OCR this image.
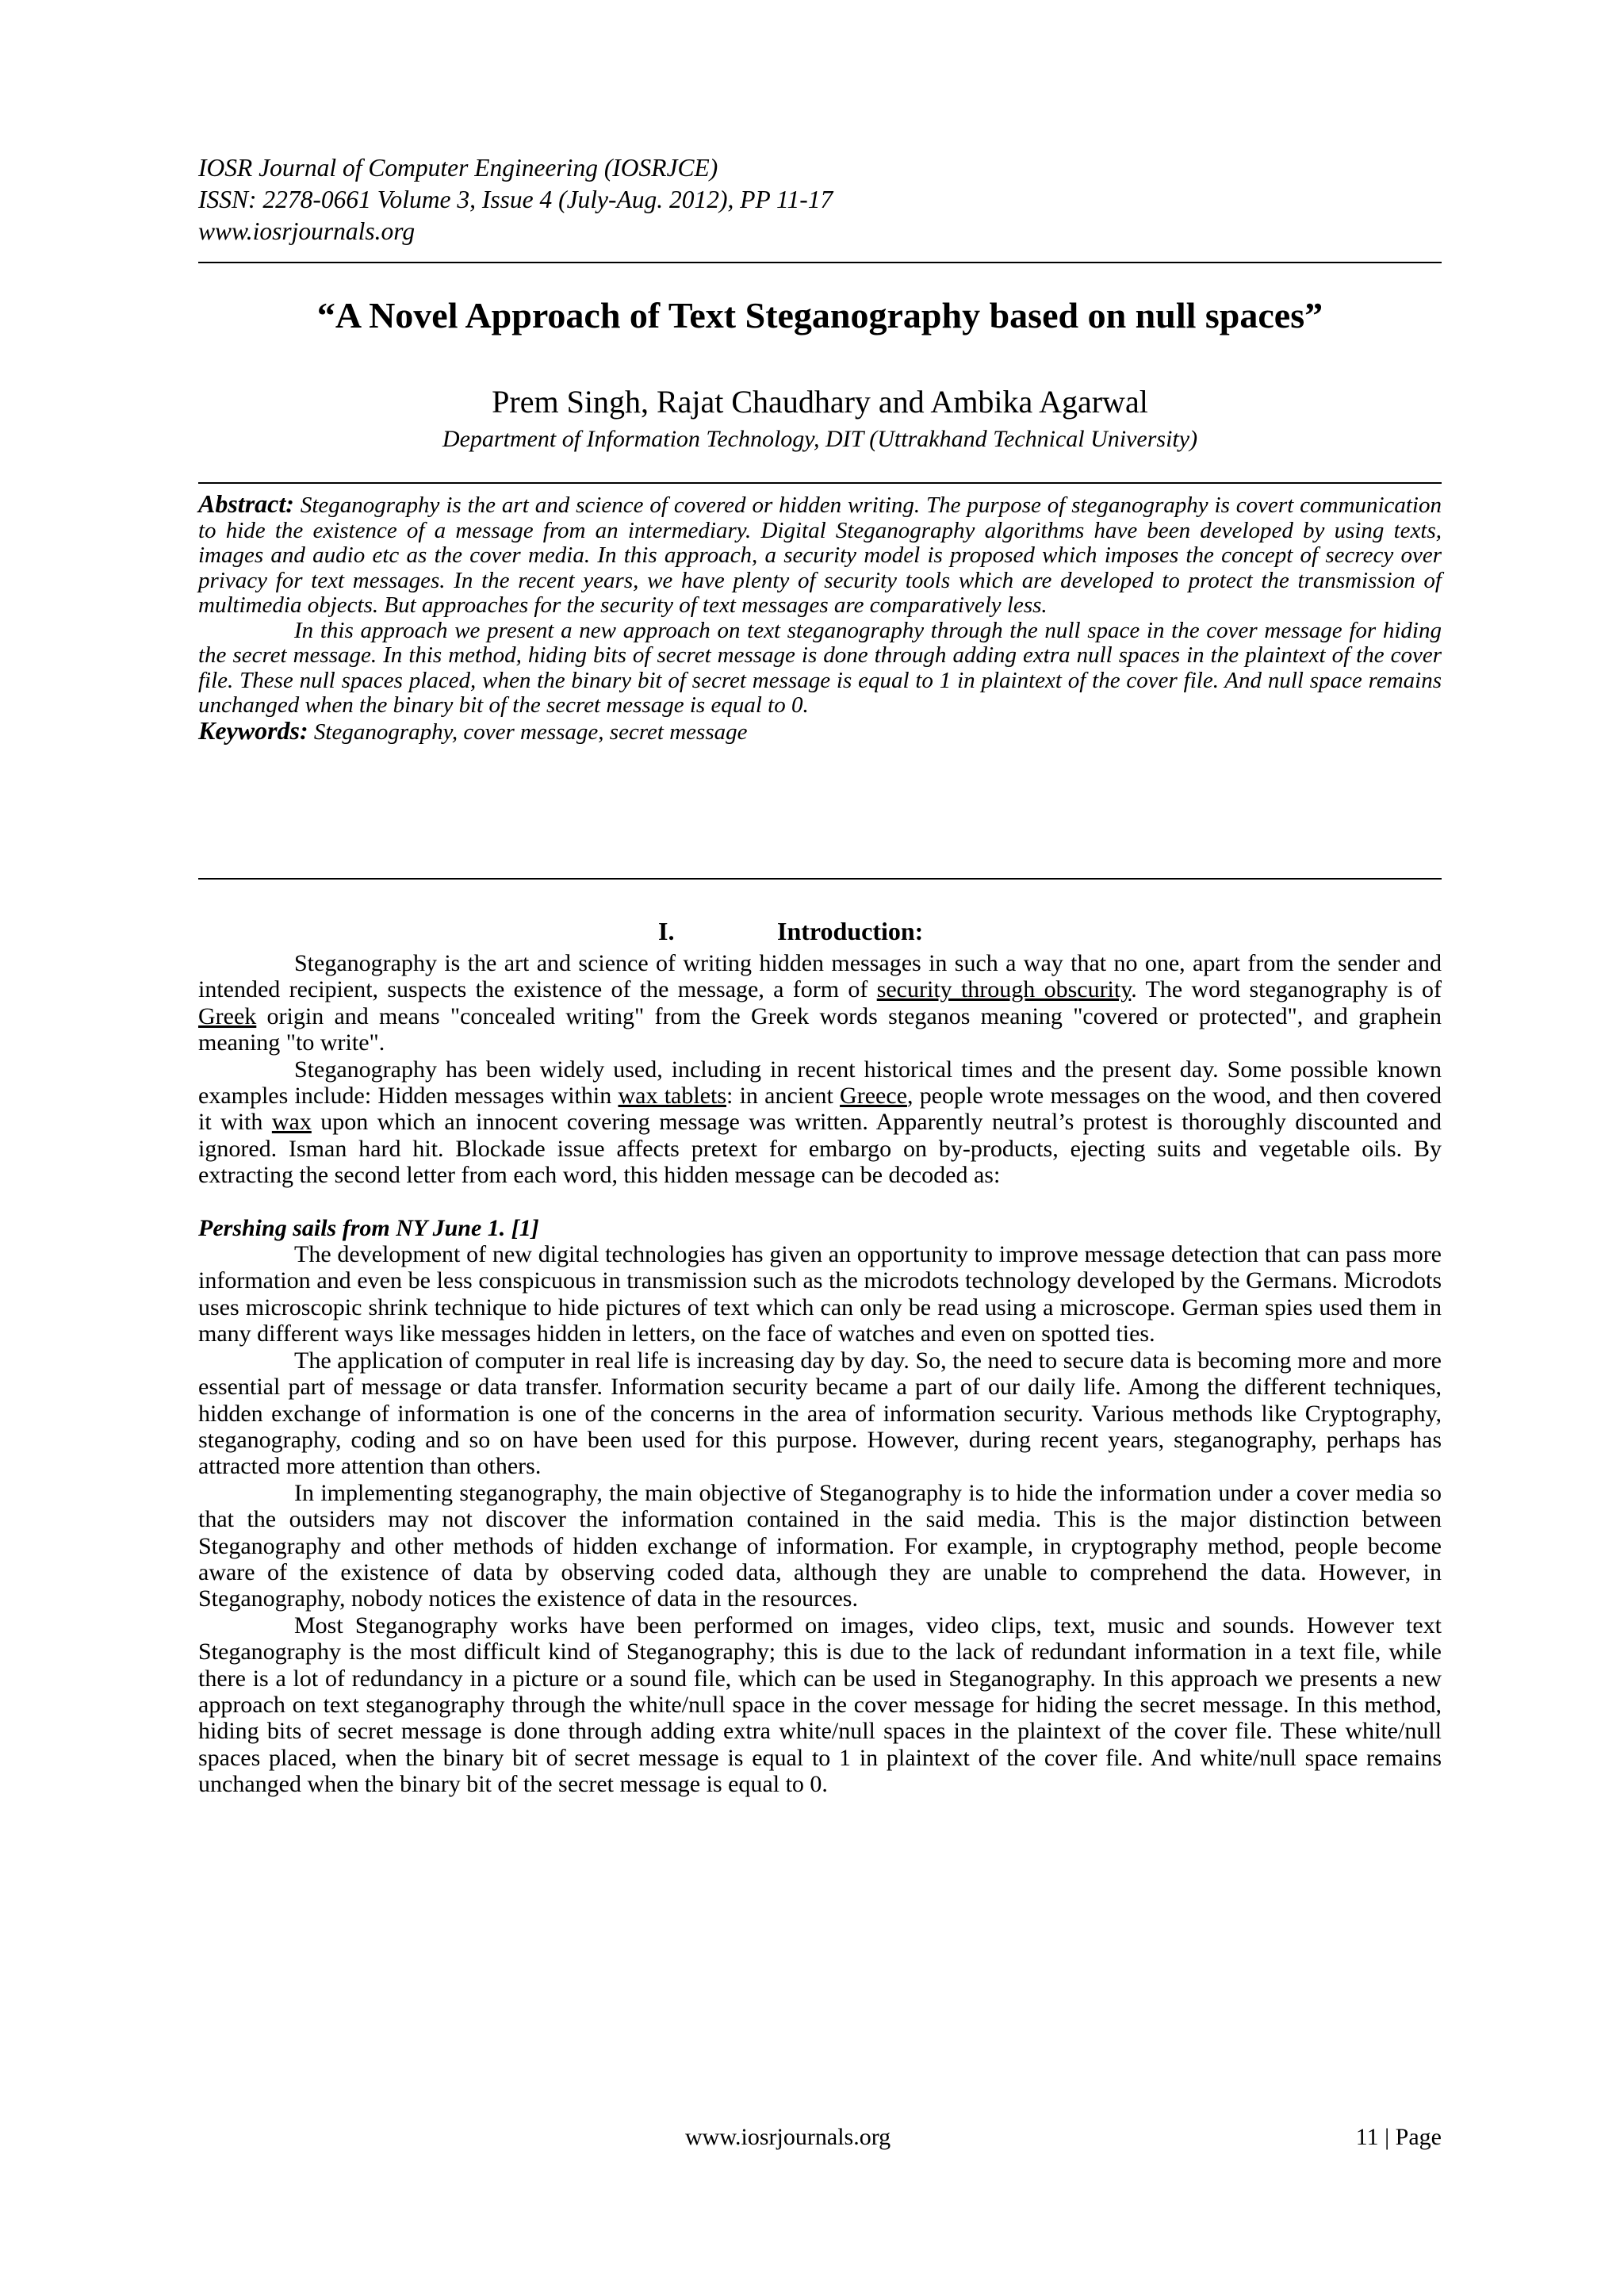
IOSR Journal of Computer Engineering (IOSRJCE)
ISSN: 2278-0661 Volume 3, Issue 4 (July-Aug. 2012), PP 11-17
www.iosrjournals.org
“A Novel Approach of Text Steganography based on null spaces”
Prem Singh, Rajat Chaudhary and Ambika Agarwal
Department of Information Technology, DIT (Uttrakhand Technical University)

Abstract: Steganography is the art and science of covered or hidden writing. The purpose of steganography is covert communication to hide the existence of a message from an intermediary. Digital Steganography algorithms have been developed by using texts, images and audio etc as the cover media. In this approach, a security model is proposed which imposes the concept of secrecy over privacy for text messages. In the recent years, we have plenty of security tools which are developed to protect the transmission of multimedia objects. But approaches for the security of text messages are comparatively less.

In this approach we present a new approach on text steganography through the null space in the cover message for hiding the secret message. In this method, hiding bits of secret message is done through adding extra null spaces in the plaintext of the cover file. These null spaces placed, when the binary bit of secret message is equal to 1 in plaintext of the cover file. And null space remains unchanged when the binary bit of the secret message is equal to 0.

Keywords: Steganography, cover message, secret message

I.	Introduction:

Steganography is the art and science of writing hidden messages in such a way that no one, apart from the sender and intended recipient, suspects the existence of the message, a form of security through obscurity. The word steganography is of Greek origin and means "concealed writing" from the Greek words steganos meaning "covered or protected", and graphein meaning "to write".

Steganography has been widely used, including in recent historical times and the present day. Some possible known examples include: Hidden messages within wax tablets: in ancient Greece, people wrote messages on the wood, and then covered it with wax upon which an innocent covering message was written. Apparently neutral’s protest is thoroughly discounted and ignored. Isman hard hit. Blockade issue affects pretext for embargo on by-products, ejecting suits and vegetable oils. By extracting the second letter from each word, this hidden message can be decoded as:

Pershing sails from NY June 1. [1]

The development of new digital technologies has given an opportunity to improve message detection that can pass more information and even be less conspicuous in transmission such as the microdots technology developed by the Germans. Microdots uses microscopic shrink technique to hide pictures of text which can only be read using a microscope. German spies used them in many different ways like messages hidden in letters, on the face of watches and even on spotted ties.

The application of computer in real life is increasing day by day. So, the need to secure data is becoming more and more essential part of message or data transfer. Information security became a part of our daily life. Among the different techniques, hidden exchange of information is one of the concerns in the area of information security. Various methods like Cryptography, steganography, coding and so on have been used for this purpose. However, during recent years, steganography, perhaps has attracted more attention than others.

In implementing steganography, the main objective of Steganography is to hide the information under a cover media so that the outsiders may not discover the information contained in the said media. This is the major distinction between Steganography and other methods of hidden exchange of information. For example, in cryptography method, people become aware of the existence of data by observing coded data, although they are unable to comprehend the data. However, in Steganography, nobody notices the existence of data in the resources.

Most Steganography works have been performed on images, video clips, text, music and sounds. However text Steganography is the most difficult kind of Steganography; this is due to the lack of redundant information in a text file, while there is a lot of redundancy in a picture or a sound file, which can be used in Steganography. In this approach we presents a new approach on text steganography through the white/null space in the cover message for hiding the secret message. In this method, hiding bits of secret message is done through adding extra white/null spaces in the plaintext of the cover file. These white/null spaces placed, when the binary bit of secret message is equal to 1 in plaintext of the cover file. And white/null space remains unchanged when the binary bit of the secret message is equal to 0.

www.iosrjournals.org	11 | Page
